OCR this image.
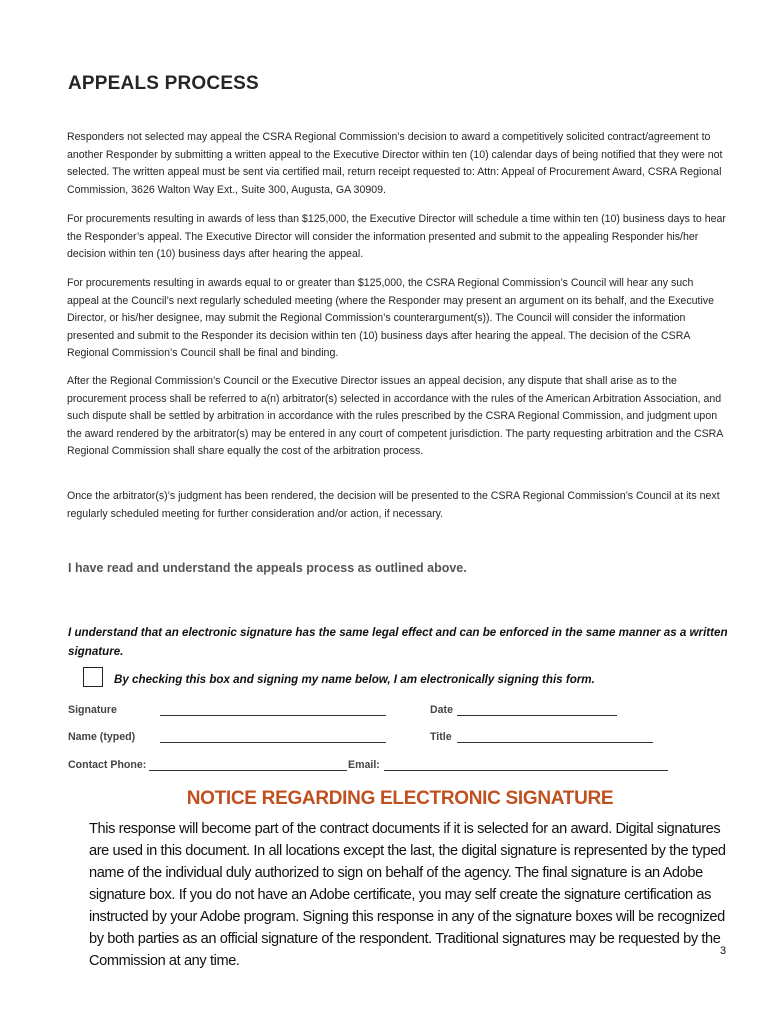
APPEALS PROCESS

Responders not selected may appeal the CSRA Regional Commission’s decision to award a competitively solicited contract/agreement to another Responder by submitting a written appeal to the Executive Director within ten (10) calendar days of being notified that they were not selected. The written appeal must be sent via certified mail, return receipt requested to: Attn: Appeal of Procurement Award, CSRA Regional Commission, 3626 Walton Way Ext., Suite 300, Augusta, GA 30909.

For procurements resulting in awards of less than $125,000, the Executive Director will schedule a time within ten (10) business days to hear the Responder’s appeal. The Executive Director will consider the information presented and submit to the appealing Responder his/her decision within ten (10) business days after hearing the appeal.

For procurements resulting in awards equal to or greater than $125,000, the CSRA Regional Commission’s Council will hear any such appeal at the Council’s next regularly scheduled meeting (where the Responder may present an argument on its behalf, and the Executive Director, or his/her designee, may submit the Regional Commission’s counterargument(s)). The Council will consider the information presented and submit to the Responder its decision within ten (10) business days after hearing the appeal. The decision of the CSRA Regional Commission’s Council shall be final and binding.

After the Regional Commission’s Council or the Executive Director issues an appeal decision, any dispute that shall arise as to the procurement process shall be referred to a(n) arbitrator(s) selected in accordance with the rules of the American Arbitration Association, and such dispute shall be settled by arbitration in accordance with the rules prescribed by the CSRA Regional Commission, and judgment upon the award rendered by the arbitrator(s) may be entered in any court of competent jurisdiction. The party requesting arbitration and the CSRA Regional Commission shall share equally the cost of the arbitration process.

Once the arbitrator(s)’s judgment has been rendered, the decision will be presented to the CSRA Regional Commission’s Council at its next regularly scheduled meeting for further consideration and/or action, if necessary.

I have read and understand the appeals process as outlined above.

I understand that an electronic signature has the same legal effect and can be enforced in the same manner as a written signature.

By checking this box and signing my name below, I am electronically signing this form.

Signature	Date
Name (typed)	Title
Contact Phone:	Email:
NOTICE REGARDING ELECTRONIC SIGNATURE

This response will become part of the contract documents if it is selected for an award. Digital signatures are used in this document. In all locations except the last, the digital signature is represented by the typed name of the individual duly authorized to sign on behalf of the agency. The final signature is an Adobe signature box. If you do not have an Adobe certificate, you may self create the signature certification as instructed by your Adobe program. Signing this response in any of the signature boxes will be recognized by both parties as an official signature of the respondent. Traditional signatures may be requested by the Commission at any time.

3
